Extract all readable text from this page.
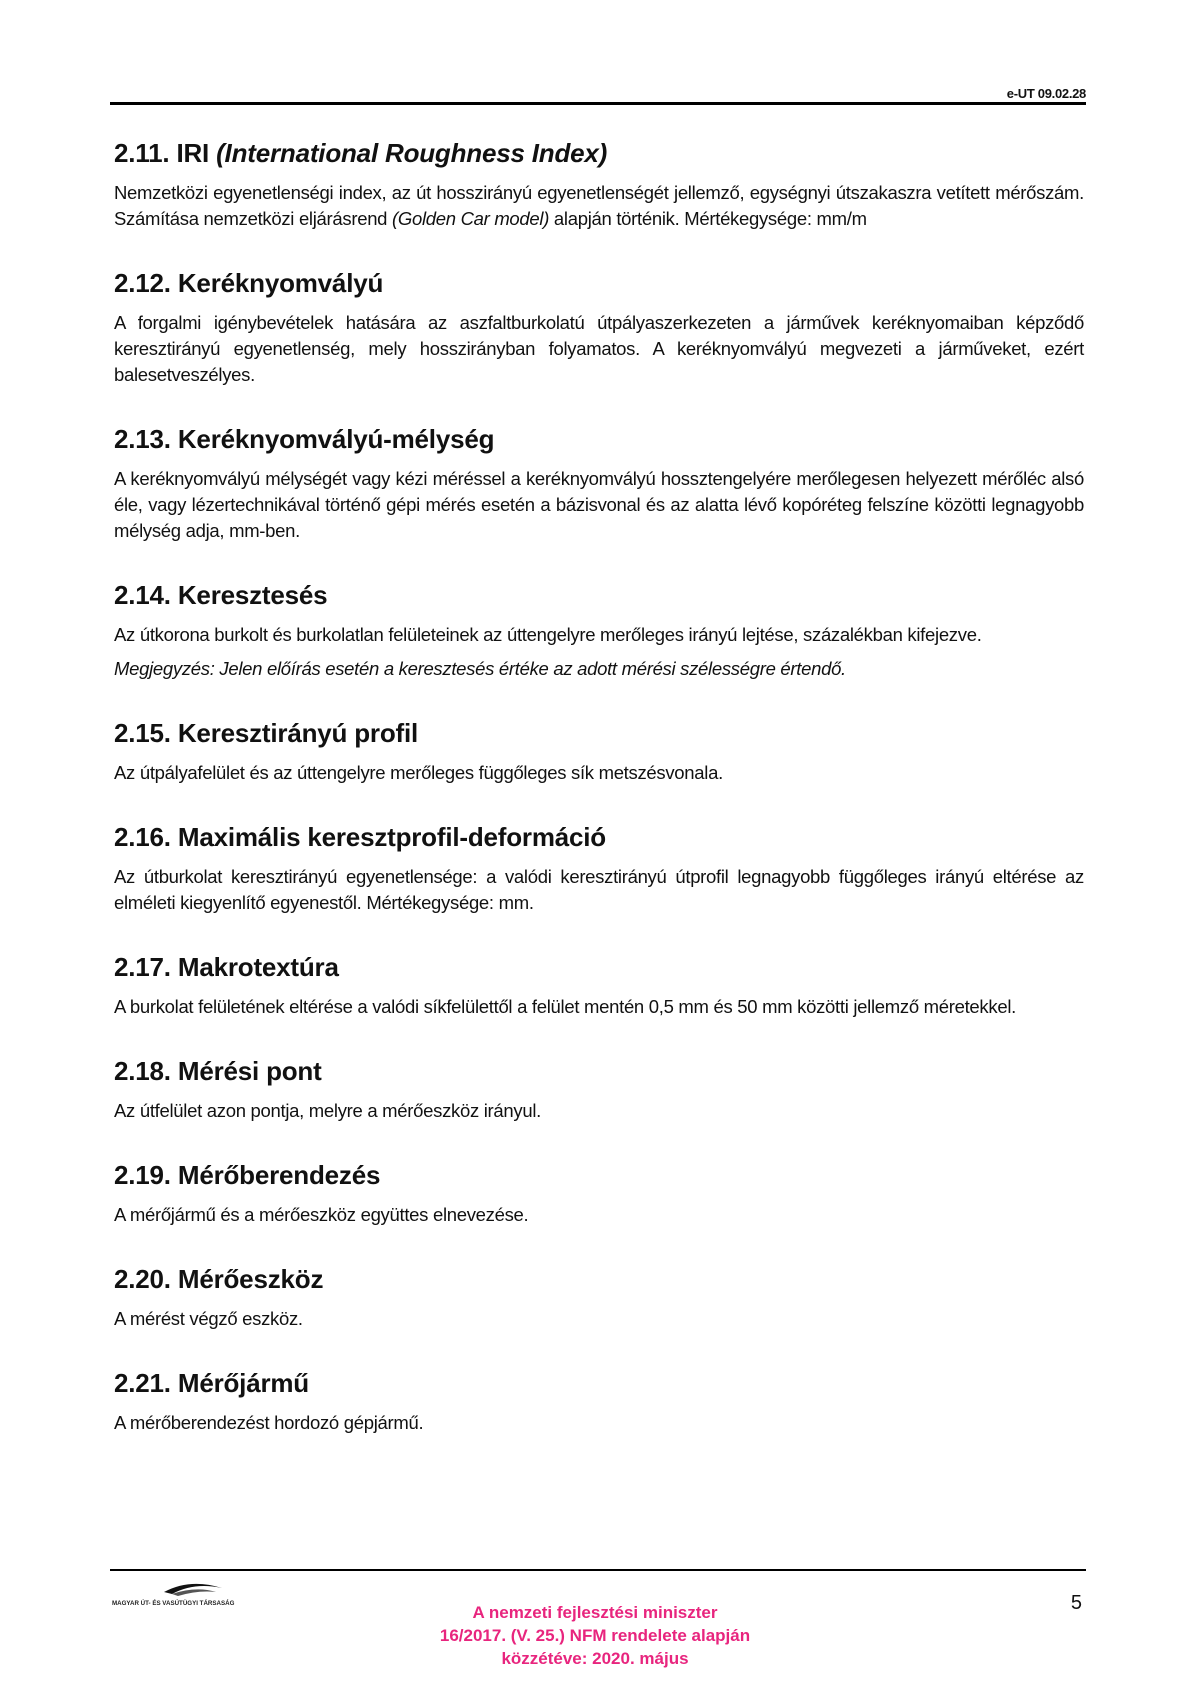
e-UT 09.02.28
2.11. IRI (International Roughness Index)

Nemzetközi egyenetlenségi index, az út hosszirányú egyenetlenségét jellemző, egységnyi útszakaszra vetített mérőszám. Számítása nemzetközi eljárásrend (Golden Car model) alapján történik. Mértékegysége: mm/m

2.12. Keréknyomvályú

A forgalmi igénybevételek hatására az aszfaltburkolatú útpályaszerkezeten a járművek keréknyomaiban képződő keresztirányú egyenetlenség, mely hosszirányban folyamatos. A keréknyomvályú megvezeti a járműveket, ezért balesetveszélyes.

2.13. Keréknyomvályú-mélység

A keréknyomvályú mélységét vagy kézi méréssel a keréknyomvályú hossztengelyére merőlegesen helyezett mérőléc alsó éle, vagy lézertechnikával történő gépi mérés esetén a bázisvonal és az alatta lévő kopóréteg felszíne közötti legnagyobb mélység adja, mm-ben.

2.14. Keresztesés

Az útkorona burkolt és burkolatlan felületeinek az úttengelyre merőleges irányú lejtése, százalékban kifejezve.

Megjegyzés: Jelen előírás esetén a keresztesés értéke az adott mérési szélességre értendő.

2.15. Keresztirányú profil

Az útpályafelület és az úttengelyre merőleges függőleges sík metszésvonala.

2.16. Maximális keresztprofil-deformáció

Az útburkolat keresztirányú egyenetlensége: a valódi keresztirányú útprofil legnagyobb függőleges irányú eltérése az elméleti kiegyenlítő egyenestől. Mértékegysége: mm.

2.17. Makrotextúra

A burkolat felületének eltérése a valódi síkfelülettől a felület mentén 0,5 mm és 50 mm közötti jellemző méretekkel.

2.18. Mérési pont

Az útfelület azon pontja, melyre a mérőeszköz irányul.

2.19. Mérőberendezés

A mérőjármű és a mérőeszköz együttes elnevezése.

2.20. Mérőeszköz

A mérést végző eszköz.

2.21. Mérőjármű

A mérőberendezést hordozó gépjármű.

MAGYAR ÚT- ÉS VASÚTÜGYI TÁRSASÁG	A nemzeti fejlesztési miniszter
16/2017. (V. 25.) NFM rendelete alapján
közzétéve: 2020. május
5
